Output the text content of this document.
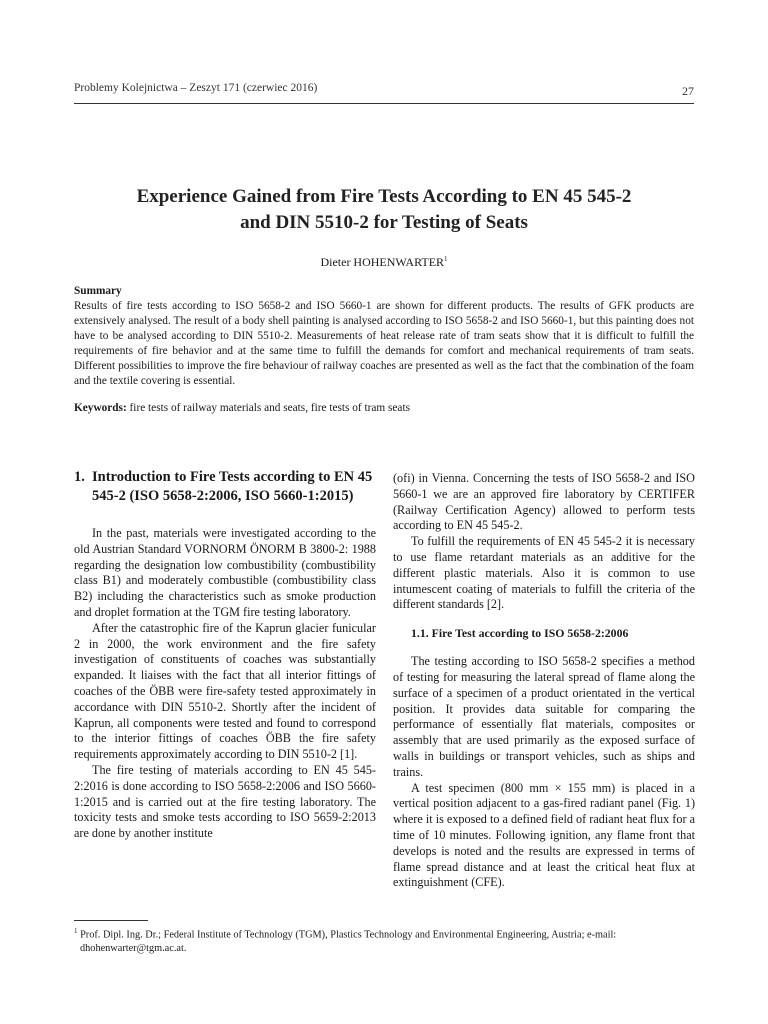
Problemy Kolejnictwa – Zeszyt 171 (czerwiec 2016)	27
Experience Gained from Fire Tests According to EN 45 545-2
and DIN 5510-2 for Testing of Seats
Dieter HOHENWARTER$^1$
Summary
Results of fire tests according to ISO 5658-2 and ISO 5660-1 are shown for different products. The results of GFK products are extensively analysed. The result of a body shell painting is analysed according to ISO 5658-2 and ISO 5660-1, but this painting does not have to be analysed according to DIN 5510-2. Measurements of heat release rate of tram seats show that it is difficult to fulfill the requirements of fire behavior and at the same time to fulfill the demands for comfort and mechanical requirements of tram seats. Different possibilities to improve the fire behaviour of railway coaches are presented as well as the fact that the combination of the foam and the textile covering is essential.
Keywords: fire tests of railway materials and seats, fire tests of tram seats
1. Introduction to Fire Tests according to EN 45 545-2 (ISO 5658-2:2006, ISO 5660-1:2015)

In the past, materials were investigated according to the old Austrian Standard VORNORM ÖNORM B 3800-2: 1988 regarding the designation low combustibility (combustibility class B1) and moderately combustible (combustibility class B2) including the characteristics such as smoke production and droplet formation at the TGM fire testing laboratory.

After the catastrophic fire of the Kaprun glacier funicular 2 in 2000, the work environment and the fire safety investigation of constituents of coaches was substantially expanded. It liaises with the fact that all interior fittings of coaches of the ÖBB were fire-safety tested approximately in accordance with DIN 5510-2. Shortly after the incident of Kaprun, all components were tested and found to correspond to the interior fittings of coaches ÖBB the fire safety requirements approximately according to DIN 5510-2 [1].

The fire testing of materials according to EN 45 545-2:2016 is done according to ISO 5658-2:2006 and ISO 5660-1:2015 and is carried out at the fire testing laboratory. The toxicity tests and smoke tests according to ISO 5659-2:2013 are done by another institute

(ofi) in Vienna. Concerning the tests of ISO 5658-2 and ISO 5660-1 we are an approved fire laboratory by CERTIFER (Railway Certification Agency) allowed to perform tests according to EN 45 545-2.

To fulfill the requirements of EN 45 545-2 it is necessary to use flame retardant materials as an additive for the different plastic materials. Also it is common to use intumescent coating of materials to fulfill the criteria of the different standards [2].

1.1. Fire Test according to ISO 5658-2:2006

The testing according to ISO 5658-2 specifies a method of testing for measuring the lateral spread of flame along the surface of a specimen of a product orientated in the vertical position. It provides data suitable for comparing the performance of essentially flat materials, composites or assembly that are used primarily as the exposed surface of walls in buildings or transport vehicles, such as ships and trains.

A test specimen (800 mm × 155 mm) is placed in a vertical position adjacent to a gas-fired radiant panel (Fig. 1) where it is exposed to a defined field of radiant heat flux for a time of 10 minutes. Following ignition, any flame front that develops is noted and the results are expressed in terms of flame spread distance and at least the critical heat flux at extinguishment (CFE).

$^1$ Prof. Dipl. Ing. Dr.; Federal Institute of Technology (TGM), Plastics Technology and Environmental Engineering, Austria; e-mail:
dhohenwarter@tgm.ac.at.
